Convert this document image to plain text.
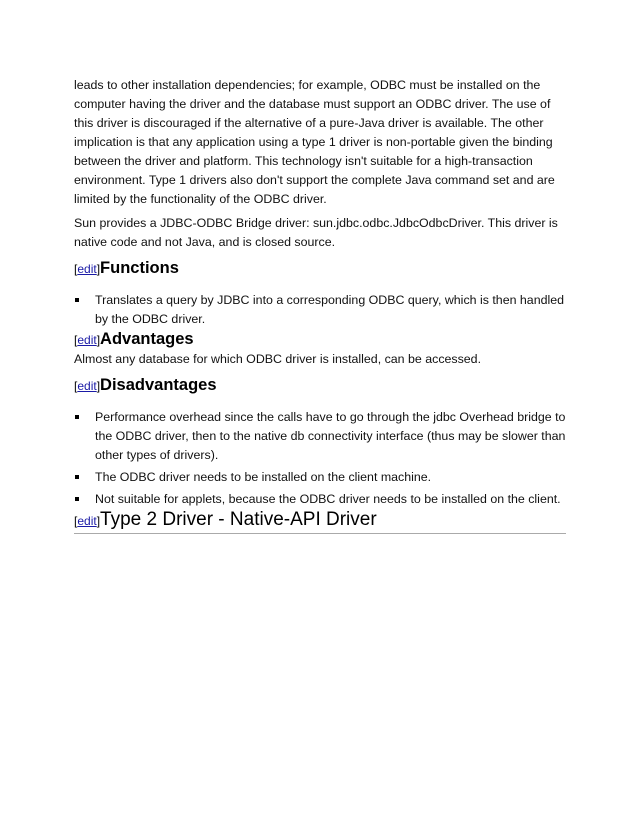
leads to other installation dependencies; for example, ODBC must be installed on the computer having the driver and the database must support an ODBC driver. The use of this driver is discouraged if the alternative of a pure-Java driver is available. The other implication is that any application using a type 1 driver is non-portable given the binding between the driver and platform. This technology isn't suitable for a high-transaction environment. Type 1 drivers also don't support the complete Java command set and are limited by the functionality of the ODBC driver.

Sun provides a JDBC-ODBC Bridge driver: sun.jdbc.odbc.JdbcOdbcDriver. This driver is native code and not Java, and is closed source.

[edit]Functions
Translates a query by JDBC into a corresponding ODBC query, which is then handled by the ODBC driver.
[edit]Advantages

Almost any database for which ODBC driver is installed, can be accessed.

[edit]Disadvantages
Performance overhead since the calls have to go through the jdbc Overhead bridge to the ODBC driver, then to the native db connectivity interface (thus may be slower than other types of drivers).
The ODBC driver needs to be installed on the client machine.
Not suitable for applets, because the ODBC driver needs to be installed on the client.
[edit]Type 2 Driver - Native-API Driver
